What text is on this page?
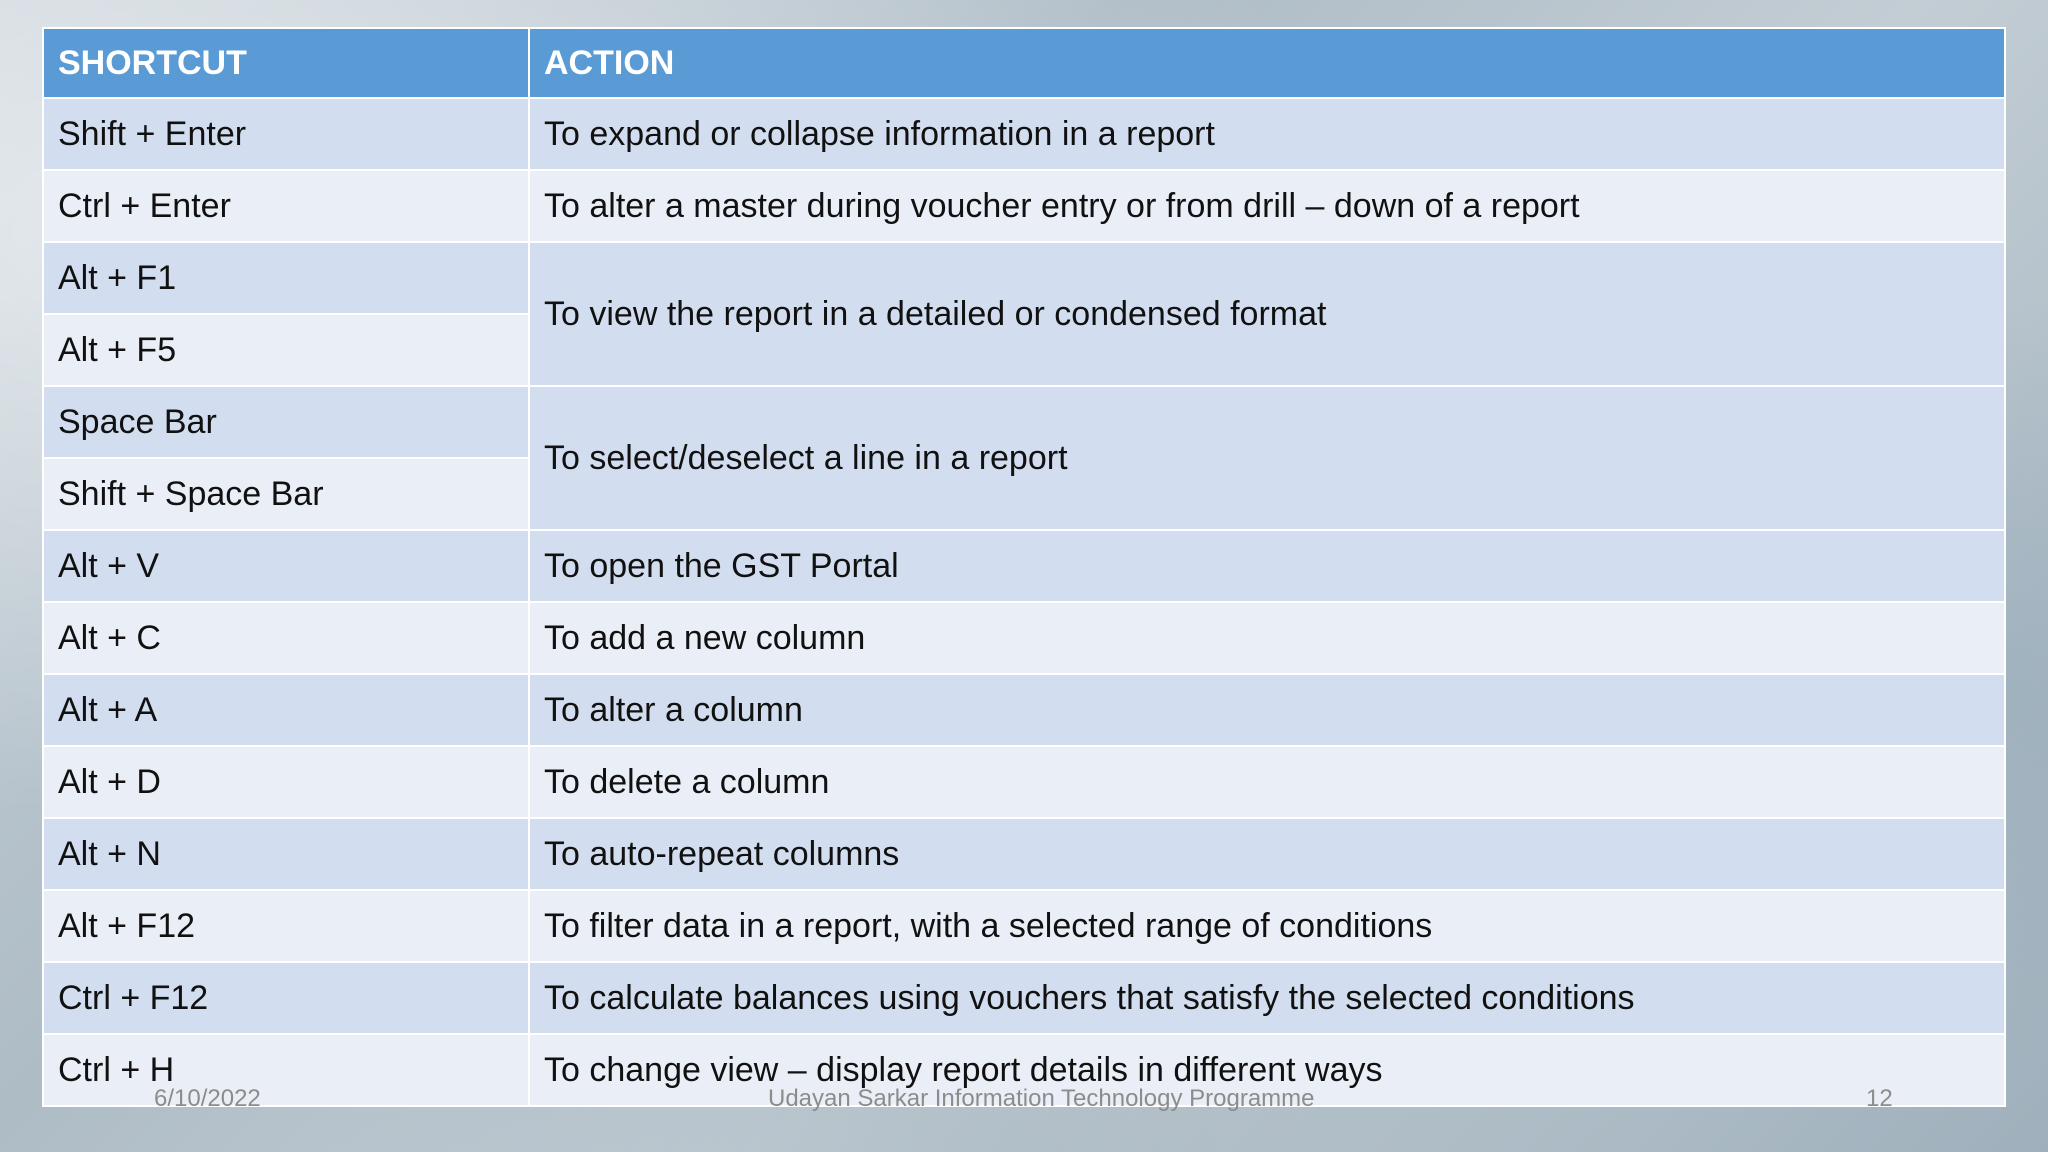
SHORTCUT	ACTION
Shift + Enter	To expand or collapse information in a report
Ctrl + Enter	To alter a master during voucher entry or from drill – down of a report
Alt + F1	To view the report in a detailed or condensed format
Alt + F5	
Space Bar	To select/deselect a line in a report
Shift + Space Bar	
Alt + V	To open the GST Portal
Alt + C	To add a new column
Alt + A	To alter a column
Alt + D	To delete a column
Alt + N	To auto-repeat columns
Alt + F12	To filter data in a report, with a selected range of conditions
Ctrl + F12	To calculate balances using vouchers that satisfy the selected conditions
Ctrl + H	To change view – display report details in different ways
6/10/2022	Udayan Sarkar Information Technology Programme	12
